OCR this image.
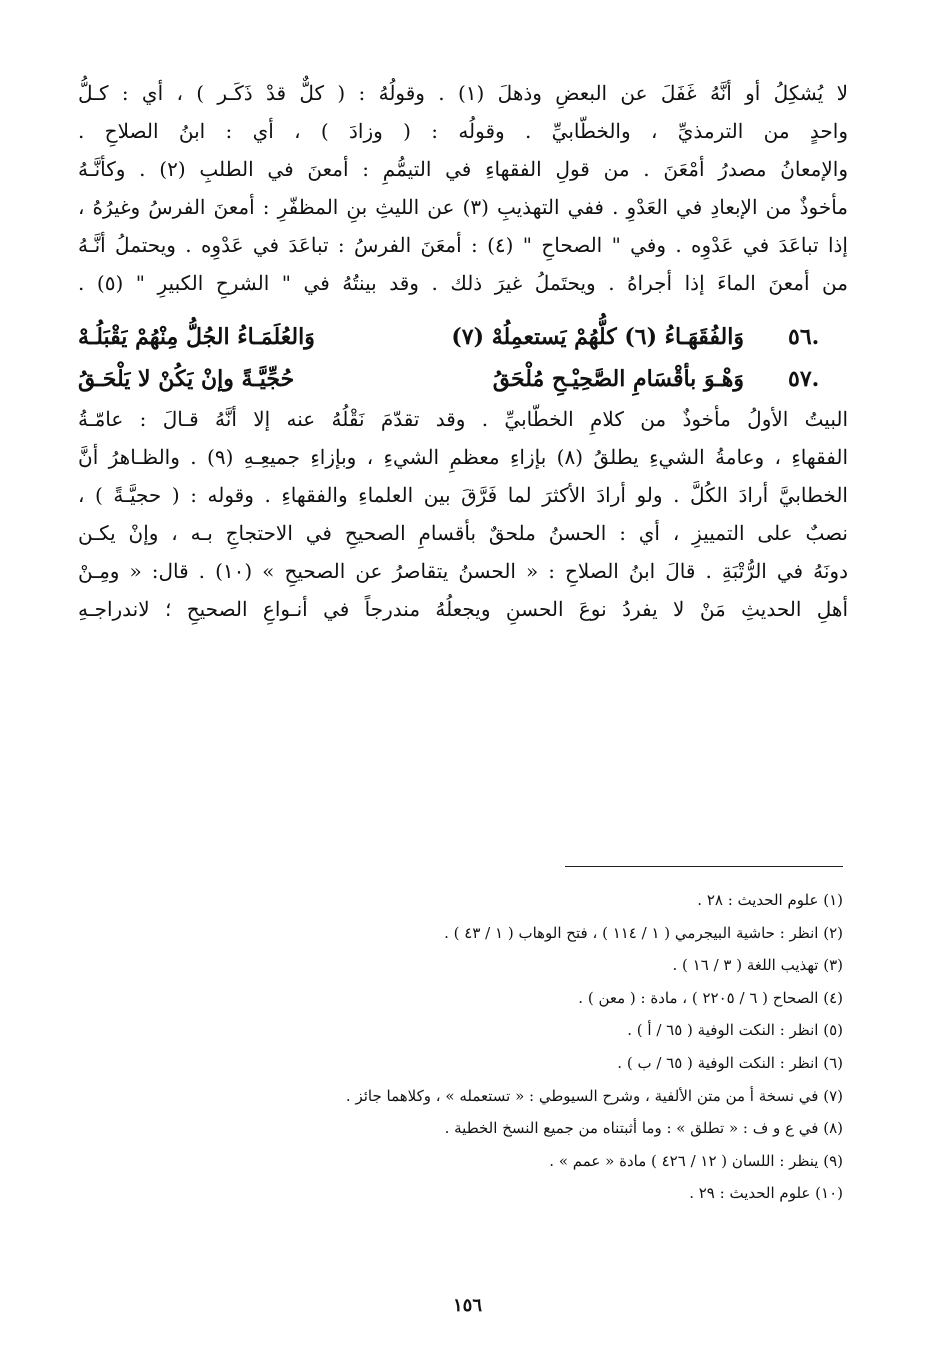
لا يُشكِلُ أو أنَّهُ غَفَلَ عن البعضِ وذهلَ (١) . وقولُهُ : ( كلٌّ قدْ ذَكَـر ) ، أي : كـلُّ
واحدٍ من الترمذيِّ ، والخطّابيِّ . وقولُه : ( وزادَ ) ، أي : ابنُ الصلاحِ .
والإمعانُ مصدرُ أمْعَنَ . من قولِ الفقهاءِ في التيمُّمِ : أمعنَ في الطلبِ (٢) . وكأنَّـهُ
مأخوذٌ من الإبعادِ في العَدْوِ . ففي التهذيبِ (٣) عن الليثِ بنِ المظفّرِ : أمعنَ الفرسُ وغيرُهُ ،
إذا تباعَدَ في عَدْوِه . وفي " الصحاحِ " (٤) : أمعَنَ الفرسُ : تباعَدَ في عَدْوِه . ويحتملُ أنَّـهُ
من أمعنَ الماءَ إذا أجراهُ . ويحتَملُ غيرَ ذلك . وقد بينتُهُ في " الشرحِ الكبيرِ " (٥) .
٥٦.
وَالفُقَهَـاءُ (٦) كلُّهُمْ يَستعمِلُهْ (٧)
وَالعُلَمَـاءُ الجُلُّ مِنْهُمْ يَقْبَلُـهْ
٥٧.
وَهْـوَ بأقْسَامِ الصَّحِيْـحِ مُلْحَقُ
حُجِّيَّـةً وإنْ يَكُنْ لا يَلْحَـقُ
البيتُ الأولُ مأخوذٌ من كلامِ الخطّابيِّ . وقد تقدّمَ نَقْلُهُ عنه إلا أنَّهُ قـالَ : عامّـةُ
الفقهاءِ ، وعامةُ الشيءِ يطلقُ (٨) بإزاءِ معظمِ الشيءِ ، وبإزاءِ جميعِـهِ (٩) . والظـاهرُ أنَّ
الخطابيَّ أرادَ الكُلَّ . ولو أرادَ الأكثرَ لما فَرَّقَ بين العلماءِ والفقهاءِ . وقوله : ( حجيَّـةً ) ،
نصبٌ على التمييزِ ، أي : الحسنُ ملحقٌ بأقسامِ الصحيحِ في الاحتجاجِ بـه ، وإنْ يكـن
دونَهُ في الرُّتْبَةِ . قالَ ابنُ الصلاحِ : « الحسنُ يتقاصرُ عن الصحيحِ » (١٠) . قال: « ومِـنْ
أهلِ الحديثِ مَنْ لا يفردُ نوعَ الحسنِ ويجعلُهُ مندرجاً في أنـواعِ الصحيحِ ؛ لاندراجـهِ
(١) علوم الحديث : ٢٨ .
(٢) انظر : حاشية البيجرمي ( ١ / ١١٤ ) ، فتح الوهاب ( ١ / ٤٣ ) .
(٣) تهذيب اللغة ( ٣ / ١٦ ) .
(٤) الصحاح ( ٦ / ٢٢٠٥ ) ، مادة : ( معن ) .
(٥) انظر : النكت الوفية ( ٦٥ / أ ) .
(٦) انظر : النكت الوفية ( ٦٥ / ب ) .
(٧) في نسخة أ من متن الألفية ، وشرح السيوطي : « تستعمله » ، وكلاهما جائز .
(٨) في ع و ف : « تطلق » : وما أثبتناه من جميع النسخ الخطية .
(٩) ينظر : اللسان ( ١٢ / ٤٢٦ ) مادة « عمم » .
(١٠) علوم الحديث : ٢٩ .
١٥٦
